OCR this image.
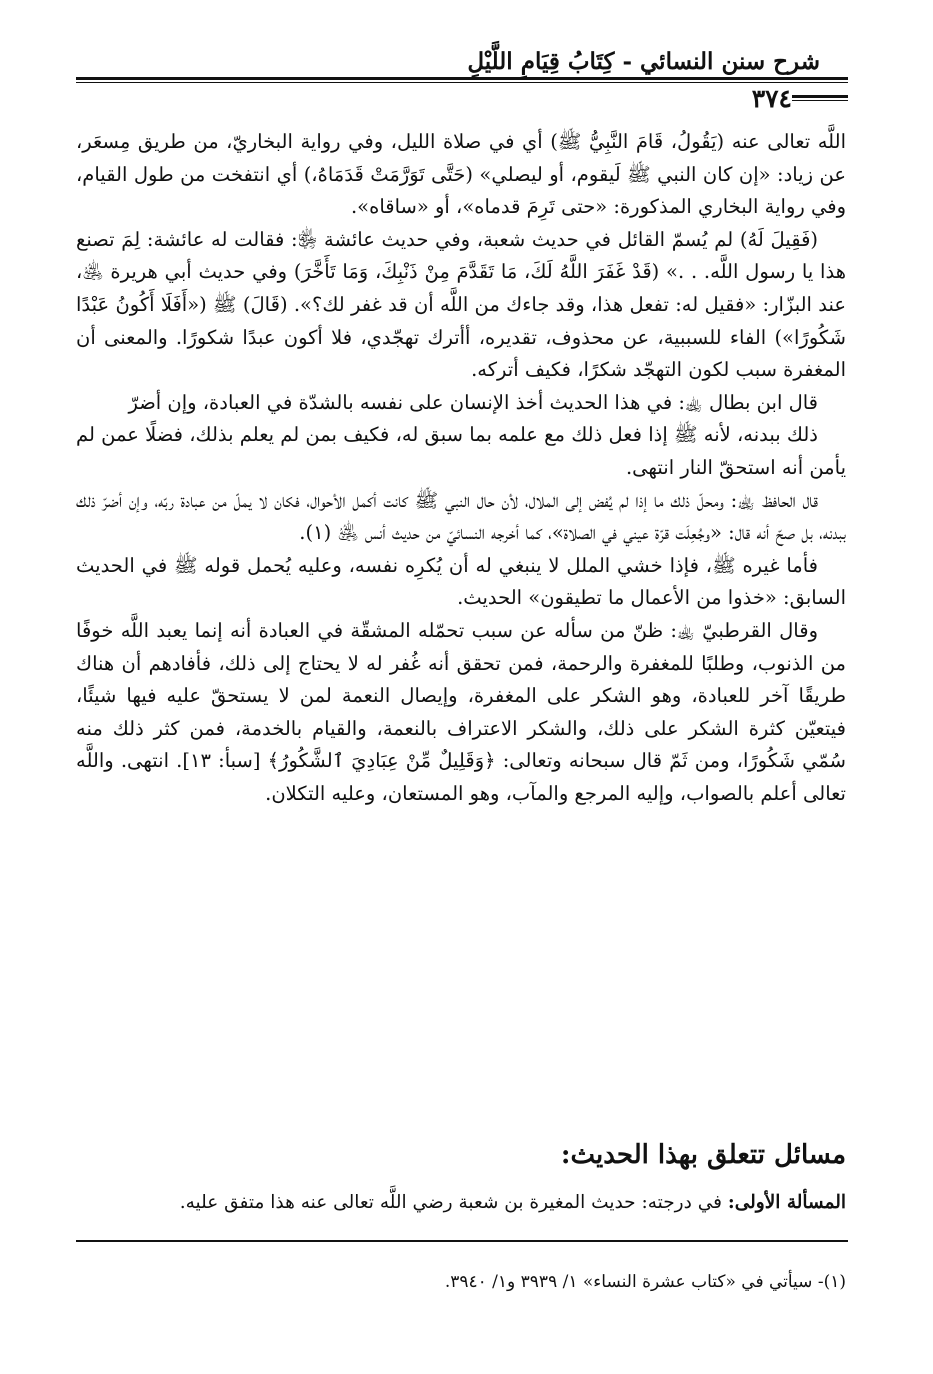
شرح سنن النسائي - كِتَابُ قِيَامِ اللَّيْلِ
٣٧٤

اللَّه تعالى عنه (يَقُولُ، قَامَ النَّبِيُّ ﷺ) أي في صلاة الليل، وفي رواية البخاريّ، من طريق مِسعَر، عن زياد: «إن كان النبي ﷺ لَيقوم، أو ليصلي» (حَتَّى تَوَرَّمَتْ قَدَمَاهُ،) أي انتفخت من طول القيام، وفي رواية البخاري المذكورة: «حتى تَرِمَ قدماه»، أو «ساقاه».

(فَقِيلَ لَهُ) لم يُسمّ القائل في حديث شعبة، وفي حديث عائشة ﵂: فقالت له عائشة: لِمَ تصنع هذا يا رسول اللَّه. . .» (قَدْ غَفَرَ اللَّهُ لَكَ، مَا تَقَدَّمَ مِنْ ذَنْبِكَ، وَمَا تَأَخَّرَ) وفي حديث أبي هريرة ﵁، عند البزّار: «فقيل له: تفعل هذا، وقد جاءك من اللَّه أن قد غفر لك؟». (قَالَ) ﷺ («أَفَلَا أَكُونُ عَبْدًا شَكُورًا») الفاء للسببية، عن محذوف، تقديره، أأترك تهجّدي، فلا أكون عبدًا شكورًا. والمعنى أن المغفرة سبب لكون التهجّد شكرًا، فكيف أتركه.

قال ابن بطال ﵀: في هذا الحديث أخذ الإنسان على نفسه بالشدّة في العبادة، وإن أضرّ

ذلك ببدنه، لأنه ﷺ إذا فعل ذلك مع علمه بما سبق له، فكيف بمن لم يعلم بذلك، فضلًا عمن لم يأمن أنه استحقّ النار انتهى.

قال الحافظ ﵀: ومحلّ ذلك ما إذا لم يُفض إلى الملال، لأن حال النبي ﷺ كانت أكمل الأحوال، فكان لا يملّ من عبادة ربّه، وإن أضرّ ذلك ببدنه، بل صحّ أنه قال: «وجُعِلَت قرّة عيني في الصلاة»، كما أخرجه النسائيّ من حديث أنس ﵁ (١).

فأما غيره ﷺ، فإذا خشي الملل لا ينبغي له أن يُكرِه نفسه، وعليه يُحمل قوله ﷺ في الحديث السابق: «خذوا من الأعمال ما تطيقون» الحديث.

وقال القرطبيّ ﵀: ظنّ من سأله عن سبب تحمّله المشقّة في العبادة أنه إنما يعبد اللَّه خوفًا من الذنوب، وطلبًا للمغفرة والرحمة، فمن تحقق أنه غُفر له لا يحتاج إلى ذلك، فأفادهم أن هناك طريقًا آخر للعبادة، وهو الشكر على المغفرة، وإيصال النعمة لمن لا يستحقّ عليه فيها شيئًا، فيتعيّن كثرة الشكر على ذلك، والشكر الاعتراف بالنعمة، والقيام بالخدمة، فمن كثر ذلك منه سُمّي شَكُورًا، ومن ثَمّ قال سبحانه وتعالى: ﴿وَقَلِيلٌ مِّنْ عِبَادِيَ ٱلشَّكُورُ﴾ [سبأ: ١٣]. انتهى. واللَّه تعالى أعلم بالصواب، وإليه المرجع والمآب، وهو المستعان، وعليه التكلان.

مسائل تتعلق بهذا الحديث:
المسألة الأولى: في درجته: حديث المغيرة بن شعبة رضي اللَّه تعالى عنه هذا متفق عليه.
(١)- سيأتي في «كتاب عشرة النساء» ١/ ٣٩٣٩ و١/ ٣٩٤٠.
